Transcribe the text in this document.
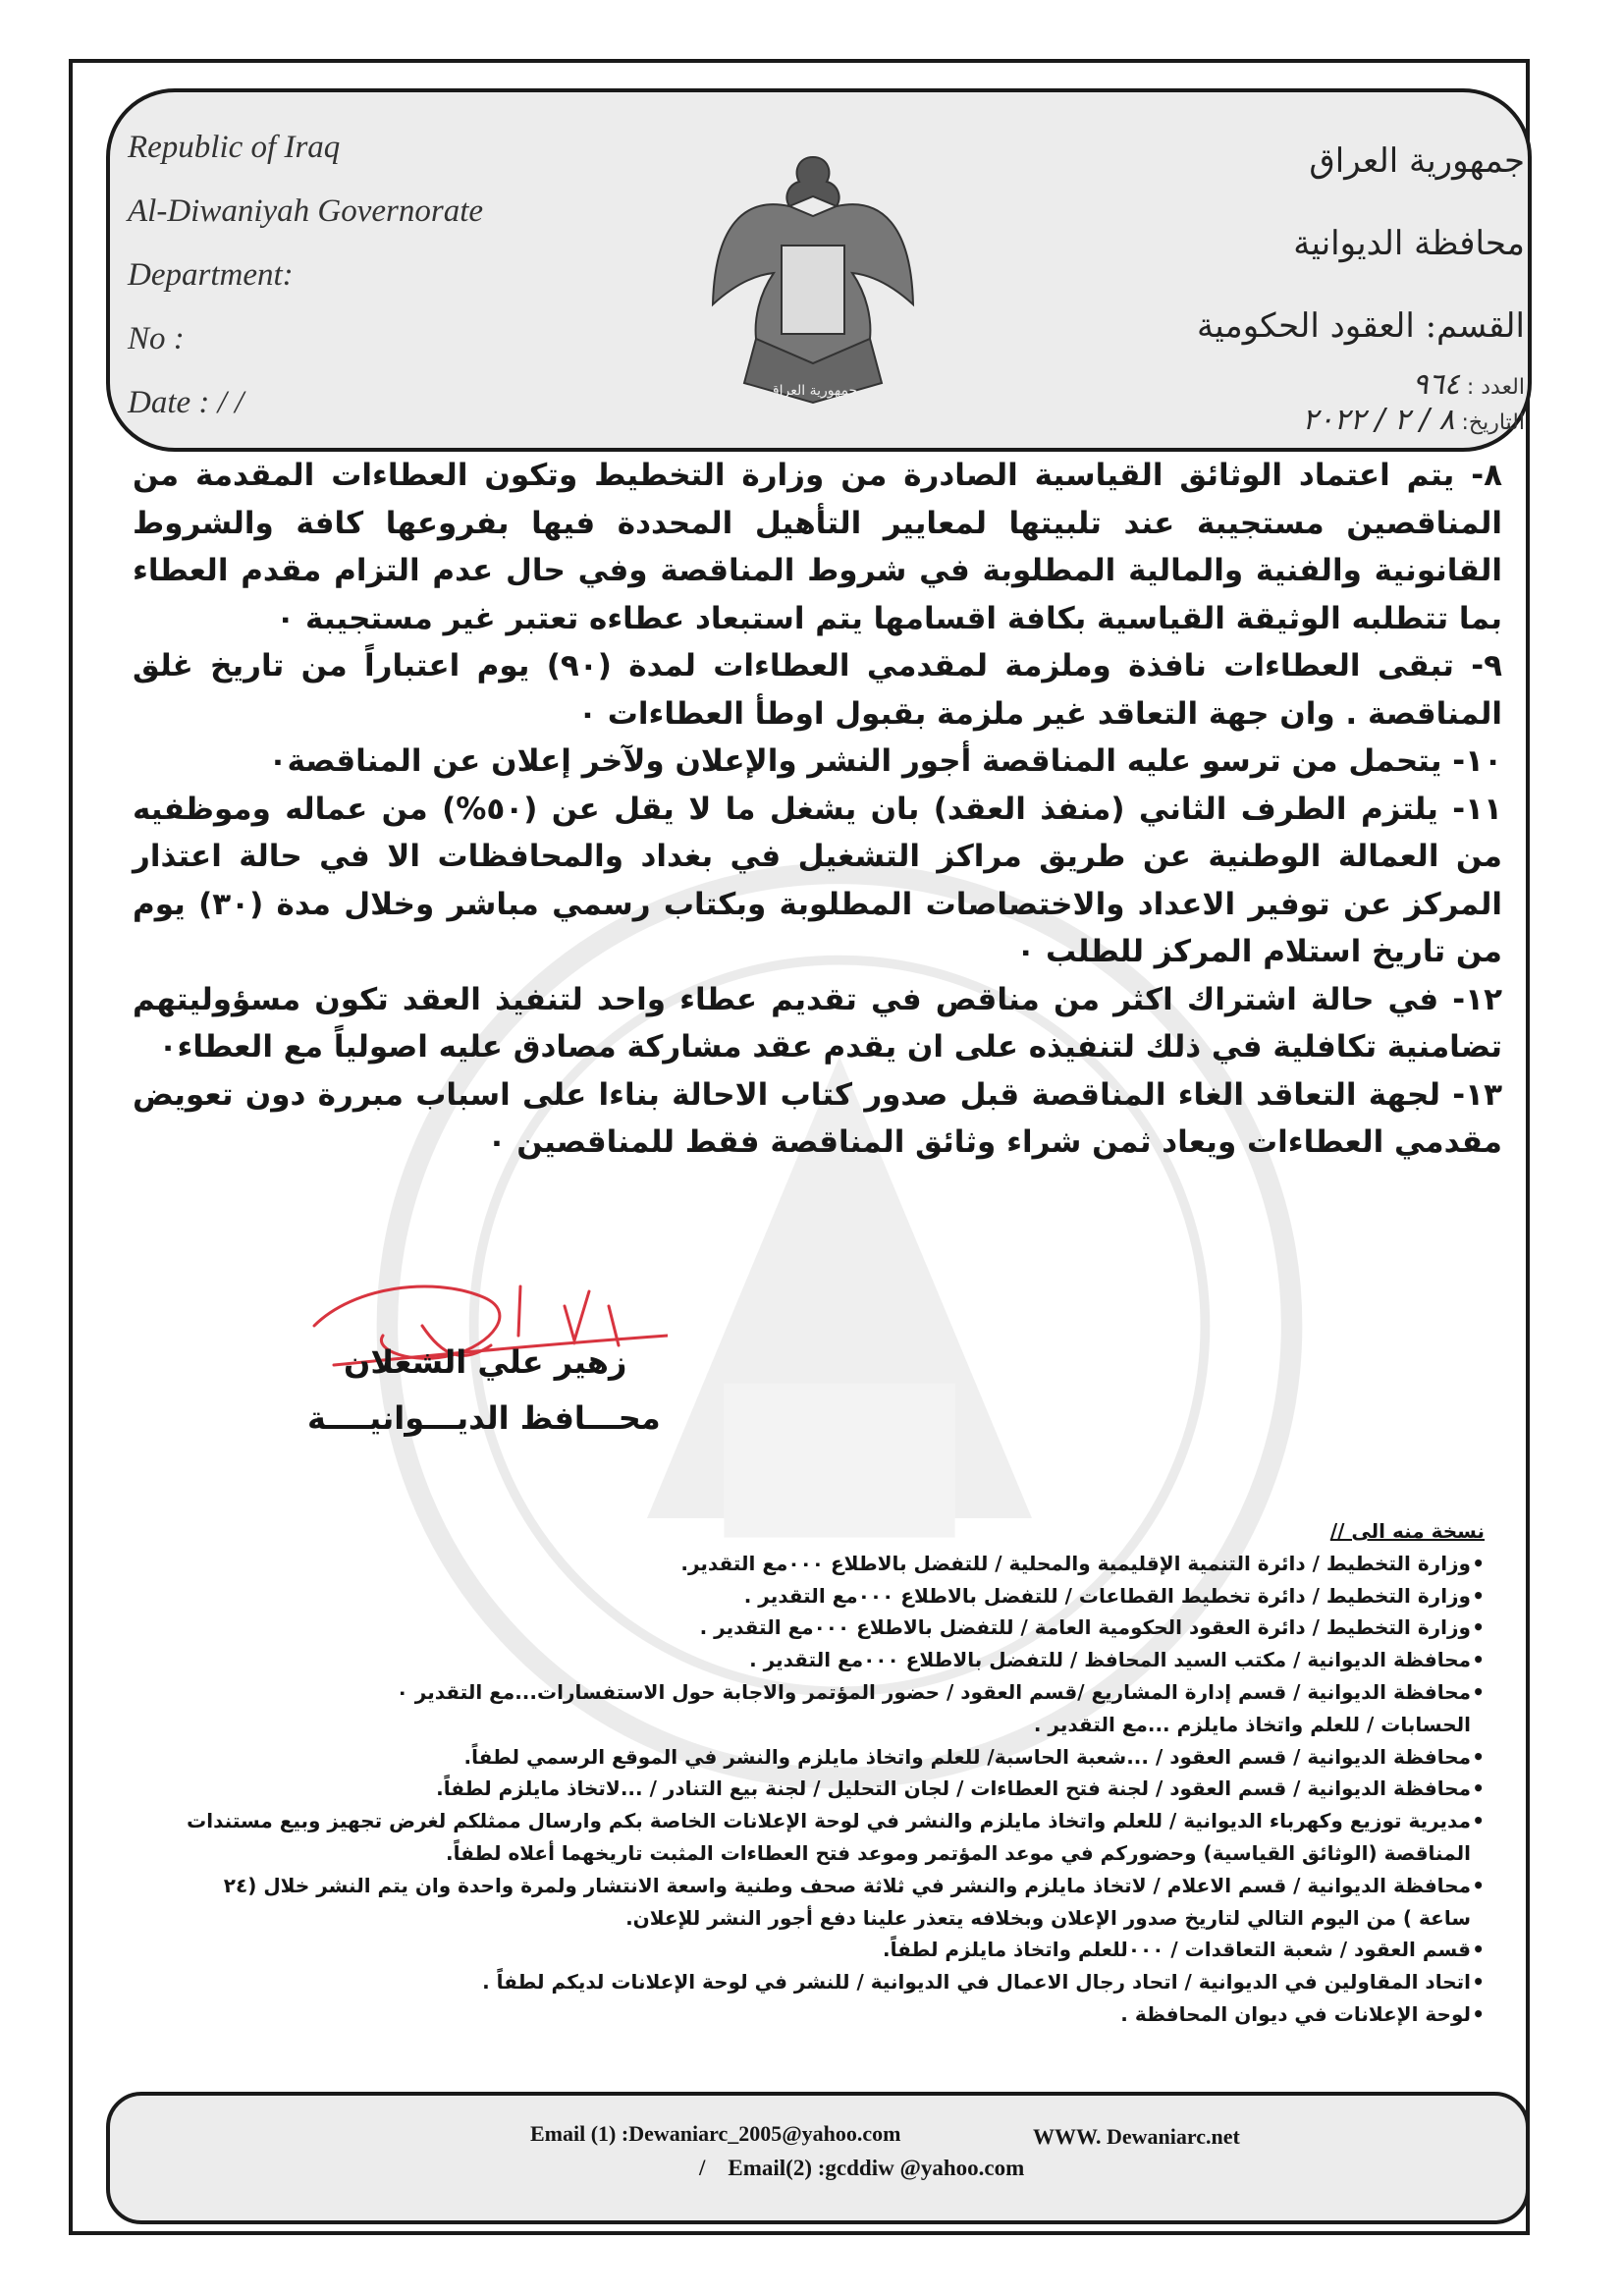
Republic of Iraq
Al-Diwaniyah Governorate
Department:
No :
Date : / /
جمهورية العراق
محافظة الديوانية
القسم: العقود الحكومية
العدد : ٩٦٤
التاريخ: ٨ / ٢ / ٢٠٢٢
جمهورية العراق

٨- يتم اعتماد الوثائق القياسية الصادرة من وزارة التخطيط وتكون العطاءات المقدمة من المناقصين مستجيبة عند تلبيتها لمعايير التأهيل المحددة فيها بفروعها كافة والشروط القانونية والفنية والمالية المطلوبة في شروط المناقصة وفي حال عدم التزام مقدم العطاء بما تتطلبه الوثيقة القياسية بكافة اقسامها يتم استبعاد عطاءه تعتبر غير مستجيبة ٠

٩- تبقى العطاءات نافذة وملزمة لمقدمي العطاءات لمدة (٩٠) يوم اعتباراً من تاريخ غلق المناقصة . وان جهة التعاقد غير ملزمة بقبول اوطأ العطاءات ٠

١٠- يتحمل من ترسو عليه المناقصة أجور النشر والإعلان ولآخر إعلان عن المناقصة٠

١١- يلتزم الطرف الثاني (منفذ العقد) بان يشغل ما لا يقل عن (٥٠%) من عماله وموظفيه من العمالة الوطنية عن طريق مراكز التشغيل في بغداد والمحافظات الا في حالة اعتذار المركز عن توفير الاعداد والاختصاصات المطلوبة وبكتاب رسمي مباشر وخلال مدة (٣٠) يوم من تاريخ استلام المركز للطلب ٠

١٢- في حالة اشتراك اكثر من مناقص في تقديم عطاء واحد لتنفيذ العقد تكون مسؤوليتهم تضامنية تكافلية في ذلك لتنفيذه على ان يقدم عقد مشاركة مصادق عليه اصولياً مع العطاء٠

١٣- لجهة التعاقد الغاء المناقصة قبل صدور كتاب الاحالة بناءا على اسباب مبررة دون تعويض مقدمي العطاءات ويعاد ثمن شراء وثائق المناقصة فقط للمناقصين ٠

زهير علي الشعلان
محـــافظ الديـــوانيــــة
نسخة منه الى //
• وزارة التخطيط / دائرة التنمية الإقليمية والمحلية / للتفضل بالاطلاع ٠٠٠مع التقدير.
• وزارة التخطيط / دائرة تخطيط القطاعات / للتفضل بالاطلاع ٠٠٠مع التقدير .
• وزارة التخطيط / دائرة العقود الحكومية العامة / للتفضل بالاطلاع ٠٠٠مع التقدير .
• محافظة الديوانية / مكتب السيد المحافظ / للتفضل بالاطلاع ٠٠٠مع التقدير .
• محافظة الديوانية / قسم إدارة المشاريع /قسم العقود / حضور المؤتمر والاجابة حول الاستفسارات...مع التقدير ٠
الحسابات / للعلم واتخاذ مايلزم ...مع التقدير .
• محافظة الديوانية / قسم العقود / ...شعبة الحاسبة/ للعلم واتخاذ مايلزم والنشر في الموقع الرسمي لطفاً.
• محافظة الديوانية / قسم العقود / لجنة فتح العطاءات / لجان التحليل / لجنة بيع التنادر / ...لاتخاذ مايلزم لطفاً.
• مديرية توزيع وكهرباء الديوانية / للعلم واتخاذ مايلزم والنشر في لوحة الإعلانات الخاصة بكم وارسال ممثلكم لغرض تجهيز وبيع مستندات المناقصة (الوثائق القياسية) وحضوركم في موعد المؤتمر وموعد فتح العطاءات المثبت تاريخهما أعلاه لطفاً.
• محافظة الديوانية / قسم الاعلام / لاتخاذ مايلزم والنشر في ثلاثة صحف وطنية واسعة الانتشار ولمرة واحدة وان يتم النشر خلال (٢٤ ساعة ) من اليوم التالي لتاريخ صدور الإعلان وبخلافه يتعذر علينا دفع أجور النشر للإعلان.
• قسم العقود / شعبة التعاقدات / ٠٠٠للعلم واتخاذ مايلزم لطفاً.
• اتحاد المقاولين في الديوانية / اتحاد رجال الاعمال في الديوانية / للنشر في لوحة الإعلانات لديكم لطفاً .
• لوحة الإعلانات في ديوان المحافظة .
Email (1) :Dewaniarc_2005@yahoo.com	WWW. Dewaniarc.net
/ Email(2) :gcddiw @yahoo.com
